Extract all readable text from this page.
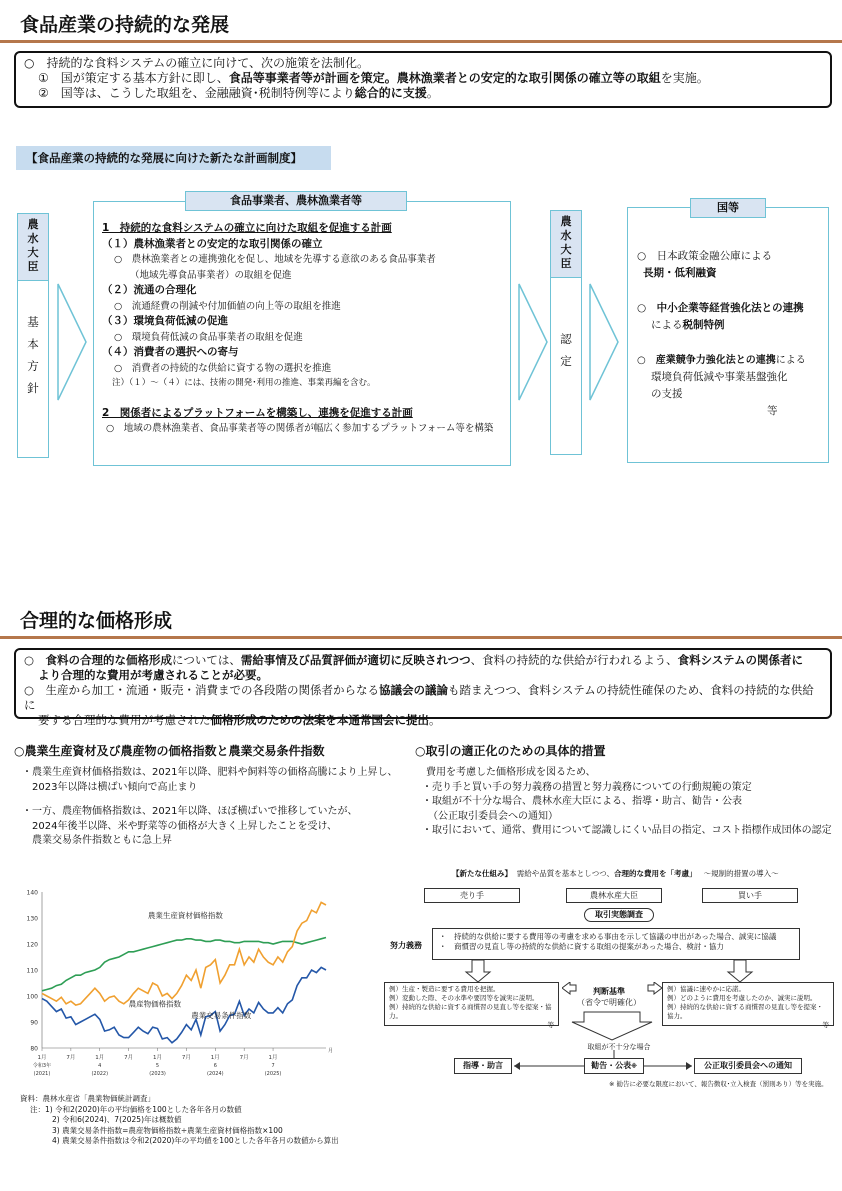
食品産業の持続的な発展
○　持続的な食料システムの確立に向けて、次の施策を法制化。
①　国が策定する基本方針に即し、食品等事業者等が計画を策定。農林漁業者との安定的な取引関係の確立等の取組を実施。
②　国等は、こうした取組を、金融融資･税制特例等により総合的に支援。
【食品産業の持続的な発展に向けた新たな計画制度】
農水大臣
基本方針
食品事業者、農林漁業者等
1　持続的な食料システムの確立に向けた取組を促進する計画
（１）農林漁業者との安定的な取引関係の確立
○　農林漁業者との連携強化を促し、地域を先導する意欲のある食品事業者
（地域先導食品事業者）の取組を促進
（２）流通の合理化
○　流通経費の削減や付加価値の向上等の取組を推進
（３）環境負荷低減の促進
○　環境負荷低減の食品事業者の取組を促進
（４）消費者の選択への寄与
○　消費者の持続的な供給に資する物の選択を推進
注）（１）～（４）には、技術の開発･利用の推進、事業再編を含む。
2　関係者によるプラットフォームを構築し、連携を促進する計画
○　地域の農林漁業者、食品事業者等の関係者が幅広く参加するプラットフォーム等を構築
農水大臣
認定
国等
○　日本政策金融公庫による
長期・低利融資
○　中小企業等経営強化法との連携
による税制特例
○　産業競争力強化法との連携による
環境負荷低減や事業基盤強化
の支援
等
合理的な価格形成
○　食料の合理的な価格形成については、需給事情及び品質評価が適切に反映されつつ、食料の持続的な供給が行われるよう、食料システムの関係者に
より合理的な費用が考慮されることが必要。
○　生産から加工・流通・販売・消費までの各段階の関係者からなる協議会の議論も踏まえつつ、食料システムの持続性確保のため、食料の持続的な供給に
要する合理的な費用が考慮された価格形成のための法案を本通常国会に提出。
○農業生産資材及び農産物の価格指数と農業交易条件指数
・農業生産資材価格指数は、2021年以降、肥料や飼料等の価格高騰により上昇し、
2023年以降は横ばい傾向で高止まり
・一方、農産物価格指数は、2021年以降、ほぼ横ばいで推移していたが、
2024年後半以降、米や野菜等の価格が大きく上昇したことを受け、
農業交易条件指数ともに急上昇
○取引の適正化のための具体的措置
費用を考慮した価格形成を図るため、
・売り手と買い手の努力義務の措置と努力義務についての行動規範の策定
・取組が不十分な場合、農林水産大臣による、指導・助言、勧告・公表
（公正取引委員会への通知）
・取引において、通常、費用について認識しにくい品目の指定、コスト指標作成団体の認定
80
90
100
110
120
130
140
1月	7月	1月	7月	1月	7月	1月	7月	1月
令和3年
(2021)
4
(2022)
5
(2023)
6
(2024)
7
(2025)
月
農業生産資材価格指数
農産物価格指数
農業交易条件指数
資料：農林水産省「農業物価統計調査」
注：1) 令和2(2020)年の平均価格を100とした各年各月の数値
2) 令和6(2024)、7(2025)年は概数値
3) 農業交易条件指数=農産物価格指数÷農業生産資材価格指数×100
4) 農業交易条件指数は令和2(2020)年の平均値を100とした各年各月の数値から算出
【新たな仕組み】 需給や品質を基本としつつ、合理的な費用を「考慮」 ～規制的措置の導入～
売り手	農林水産大臣	買い手
取引実態調査
努力義務
・　持続的な供給に要する費用等の考慮を求める事由を示して協議の申出があった場合、誠実に協議
・　商慣習の見直し等の持続的な供給に資する取組の提案があった場合、検討・協力
例）生産・製造に要する費用を把握。
例）変動した際、その水準や要因等を誠実に説明。
例）持続的な供給に資する商慣習の見直し等を提案・協力。
等
判断基準
（省令で明確化）
例）協議に速やかに応諾。
例）どのように費用を考慮したのか、誠実に説明。
例）持続的な供給に資する商慣習の見直し等を提案・協力。
等
取組が不十分な場合
指導・助言	勧告・公表※	公正取引委員会への通知
※ 勧告に必要な限度において、報告徴収･立入検査（罰則あり）等を実施。
